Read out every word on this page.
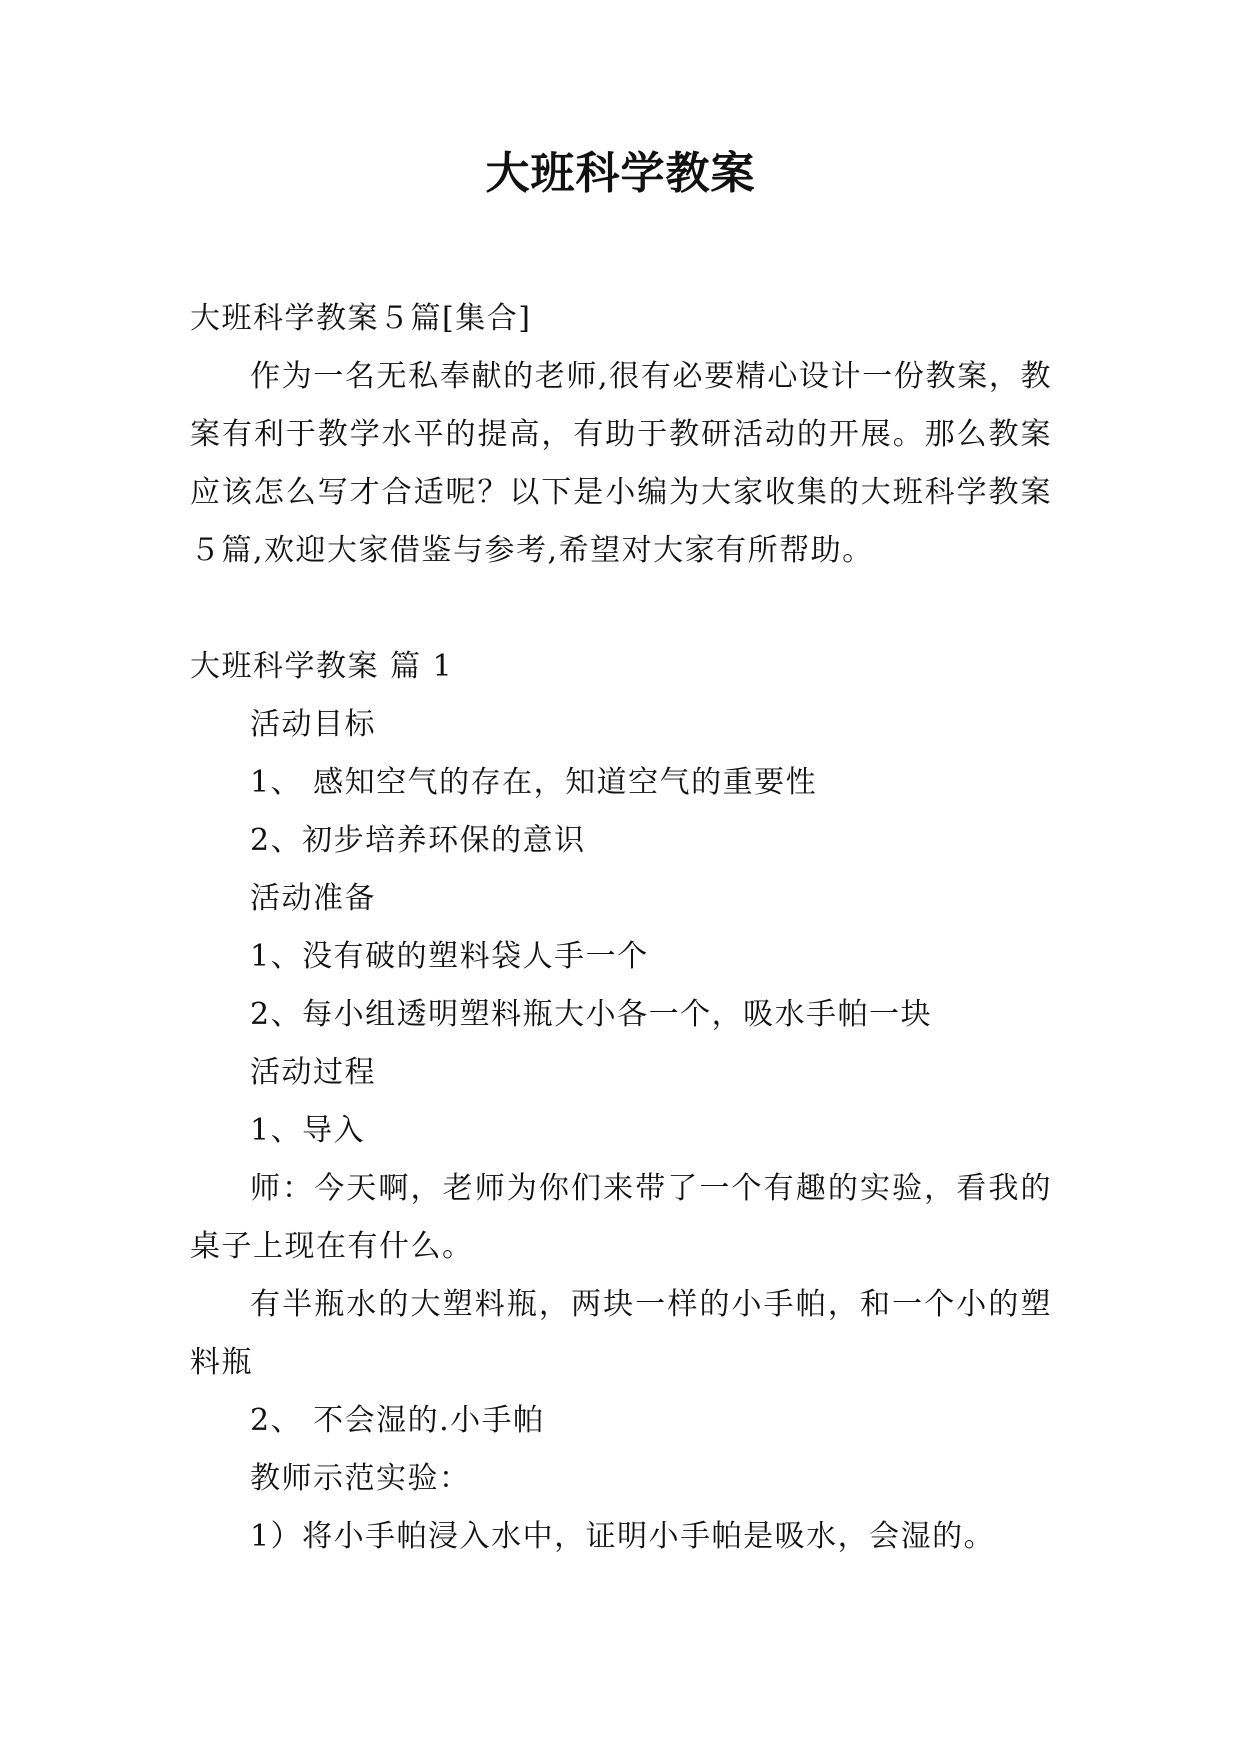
大班科学教案

大班科学教案５篇[集合]

作为一名无私奉献的老师,很有必要精心设计一份教案，教案有利于教学水平的提高，有助于教研活动的开展。那么教案应该怎么写才合适呢？以下是小编为大家收集的大班科学教案５篇,欢迎大家借鉴与参考,希望对大家有所帮助。

大班科学教案 篇 1

活动目标

1、 感知空气的存在，知道空气的重要性

2、初步培养环保的意识

活动准备

1、没有破的塑料袋人手一个

2、每小组透明塑料瓶大小各一个，吸水手帕一块

活动过程

1、导入

师：今天啊，老师为你们来带了一个有趣的实验，看我的桌子上现在有什么。

有半瓶水的大塑料瓶，两块一样的小手帕，和一个小的塑料瓶

2、 不会湿的.小手帕

教师示范实验：

1）将小手帕浸入水中，证明小手帕是吸水，会湿的。
